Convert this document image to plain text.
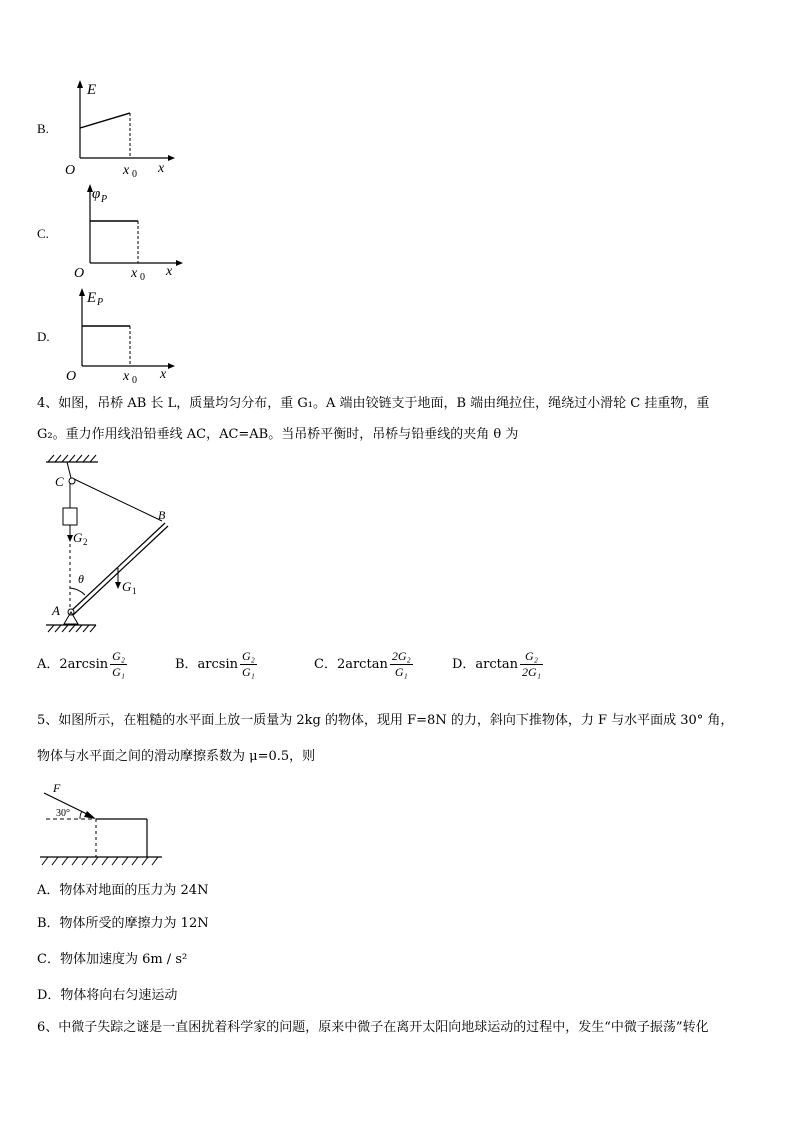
B.
E
O	x 0 x
C.
φ P
O	x 0 x
D.
E P
O	x 0 x
4、如图，吊桥 AB 长 L，质量均匀分布，重 G₁。A 端由铰链支于地面，B 端由绳拉住，绳绕过小滑轮 C 挂重物，重
G₂。重力作用线沿铅垂线 AC，AC=AB。当吊桥平衡时，吊桥与铅垂线的夹角 θ 为
C
B
A
G 2
G 1
θ
A．$2\arcsin \frac{\text{G₂}}{\text{G₁}}$	B．$\arcsin \frac{\text{G₂}}{\text{G₁}}$	C．$2\arctan \frac{\text{2G₂}}{\text{G₁}}$	D．$\arctan \frac{\text{G₂}}{\text{2G₁}}$
5、如图所示，在粗糙的水平面上放一质量为 2kg 的物体，现用 F=8N 的力，斜向下推物体，力 F 与水平面成 30° 角，
物体与水平面之间的滑动摩擦系数为 μ=0.5，则
F
30°
A．物体对地面的压力为 24N
B．物体所受的摩擦力为 12N
C．物体加速度为 6m / s²
D．物体将向右匀速运动
6、中微子失踪之谜是一直困扰着科学家的问题，原来中微子在离开太阳向地球运动的过程中，发生“中微子振荡”转化
